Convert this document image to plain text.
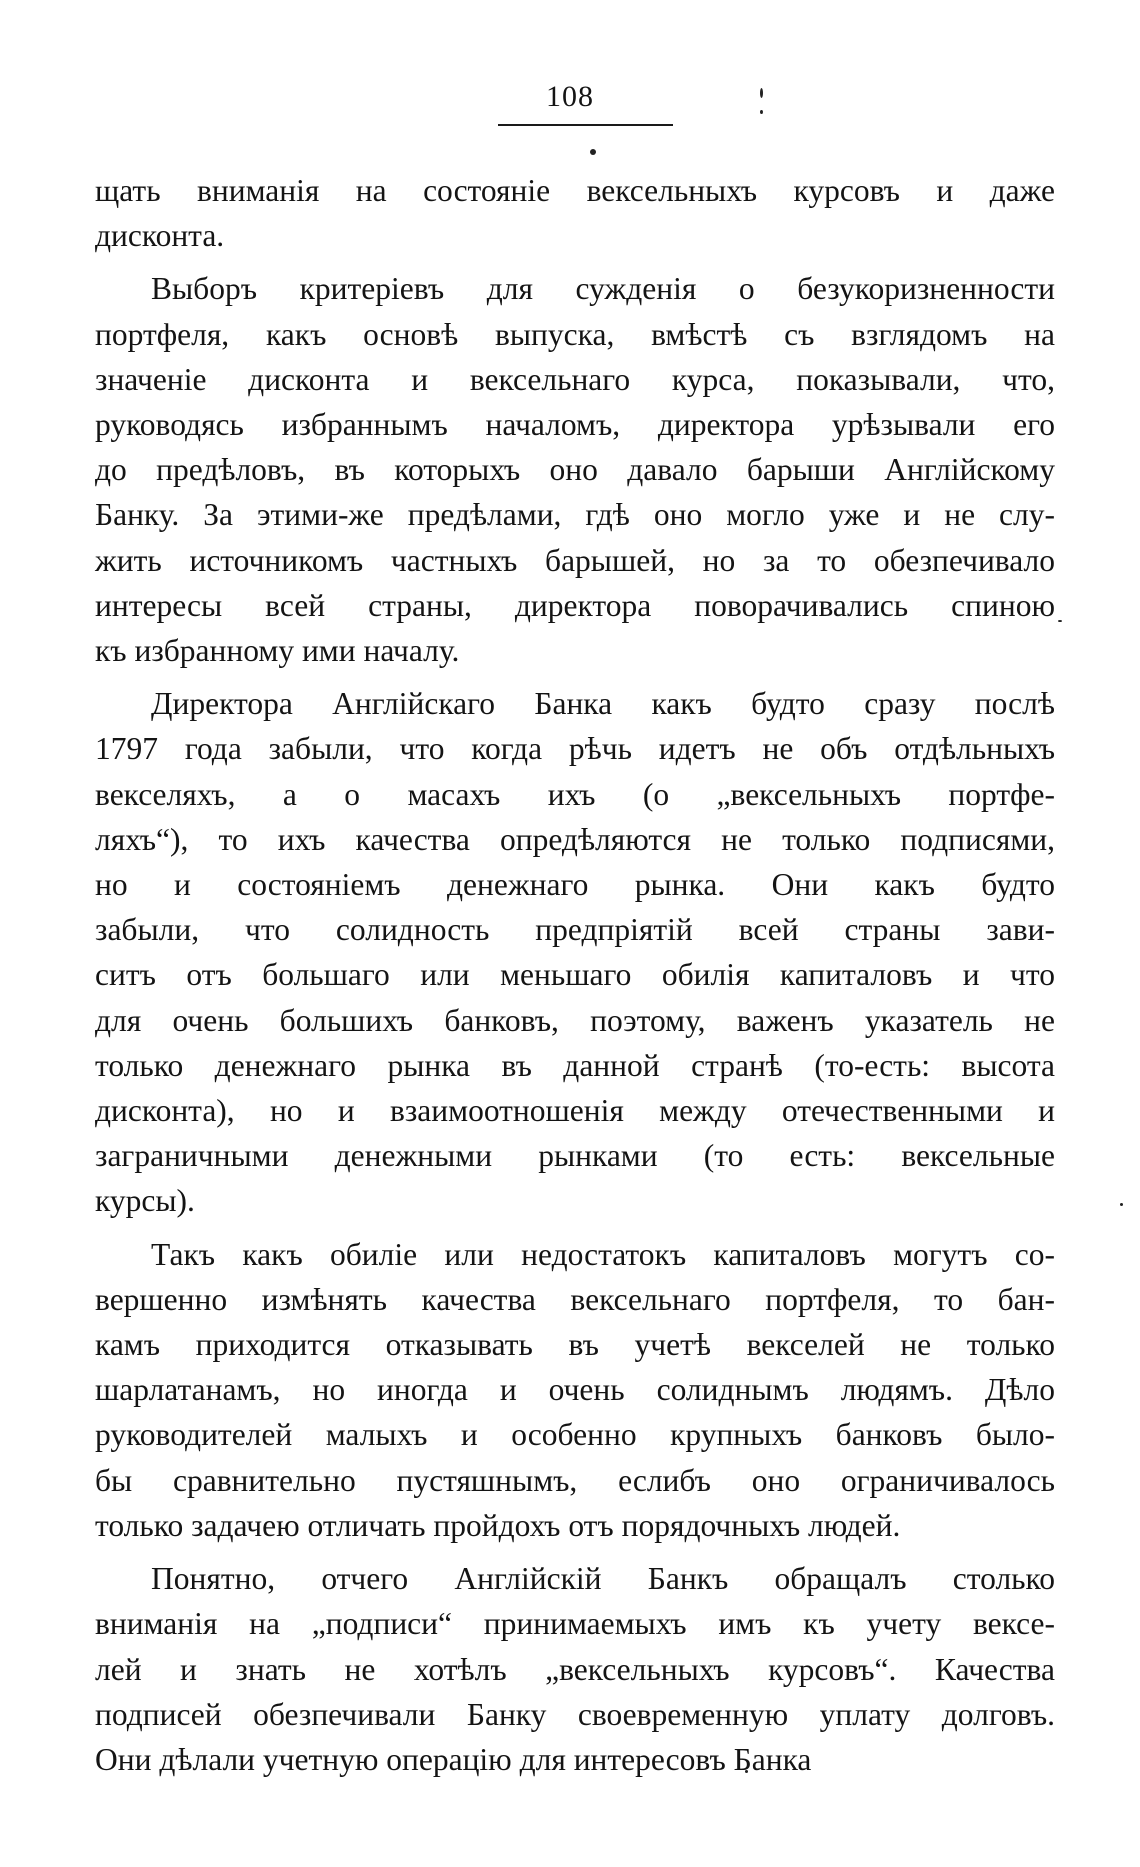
108
щать вниманія на состояніе вексельныхъ курсовъ и даже
дисконта.
Выборъ критеріевъ для сужденія о безукоризненности
портфеля, какъ основѣ выпуска, вмѣстѣ съ взглядомъ на
значеніе дисконта и вексельнаго курса, показывали, что,
руководясь избраннымъ началомъ, директора урѣзывали его
до предѣловъ, въ которыхъ оно давало барыши Англійскому
Банку. За этими-же предѣлами, гдѣ оно могло уже и не слу-
жить источникомъ частныхъ барышей, но за то обезпечивало
интересы всей страны, директора поворачивались спиною
къ избранному ими началу.
Директора Англійскаго Банка какъ будто сразу послѣ
1797 года забыли, что когда рѣчь идетъ не объ отдѣльныхъ
векселяхъ, а о масахъ ихъ (о „вексельныхъ портфе-
ляхъ“), то ихъ качества опредѣляются не только подписями,
но и состояніемъ денежнаго рынка. Они какъ будто
забыли, что солидность предпріятій всей страны зави-
ситъ отъ большаго или меньшаго обилія капиталовъ и что
для очень большихъ банковъ, поэтому, важенъ указатель не
только денежнаго рынка въ данной странѣ (то-есть: высота
дисконта), но и взаимоотношенія между отечественными и
заграничными денежными рынками (то есть: вексельные
курсы).
Такъ какъ обиліе или недостатокъ капиталовъ могутъ со-
вершенно измѣнять качества вексельнаго портфеля, то бан-
камъ приходится отказывать въ учетѣ векселей не только
шарлатанамъ, но иногда и очень солиднымъ людямъ. Дѣло
руководителей малыхъ и особенно крупныхъ банковъ было-
бы сравнительно пустяшнымъ, еслибъ оно ограничивалось
только задачею отличать пройдохъ отъ порядочныхъ людей.
Понятно, отчего Англійскій Банкъ обращалъ столько
вниманія на „подписи“ принимаемыхъ имъ къ учету вексе-
лей и знать не хотѣлъ „вексельныхъ курсовъ“. Качества
подписей обезпечивали Банку своевременную уплату долговъ.
Они дѣлали учетную операцію для интересовъ Банка
